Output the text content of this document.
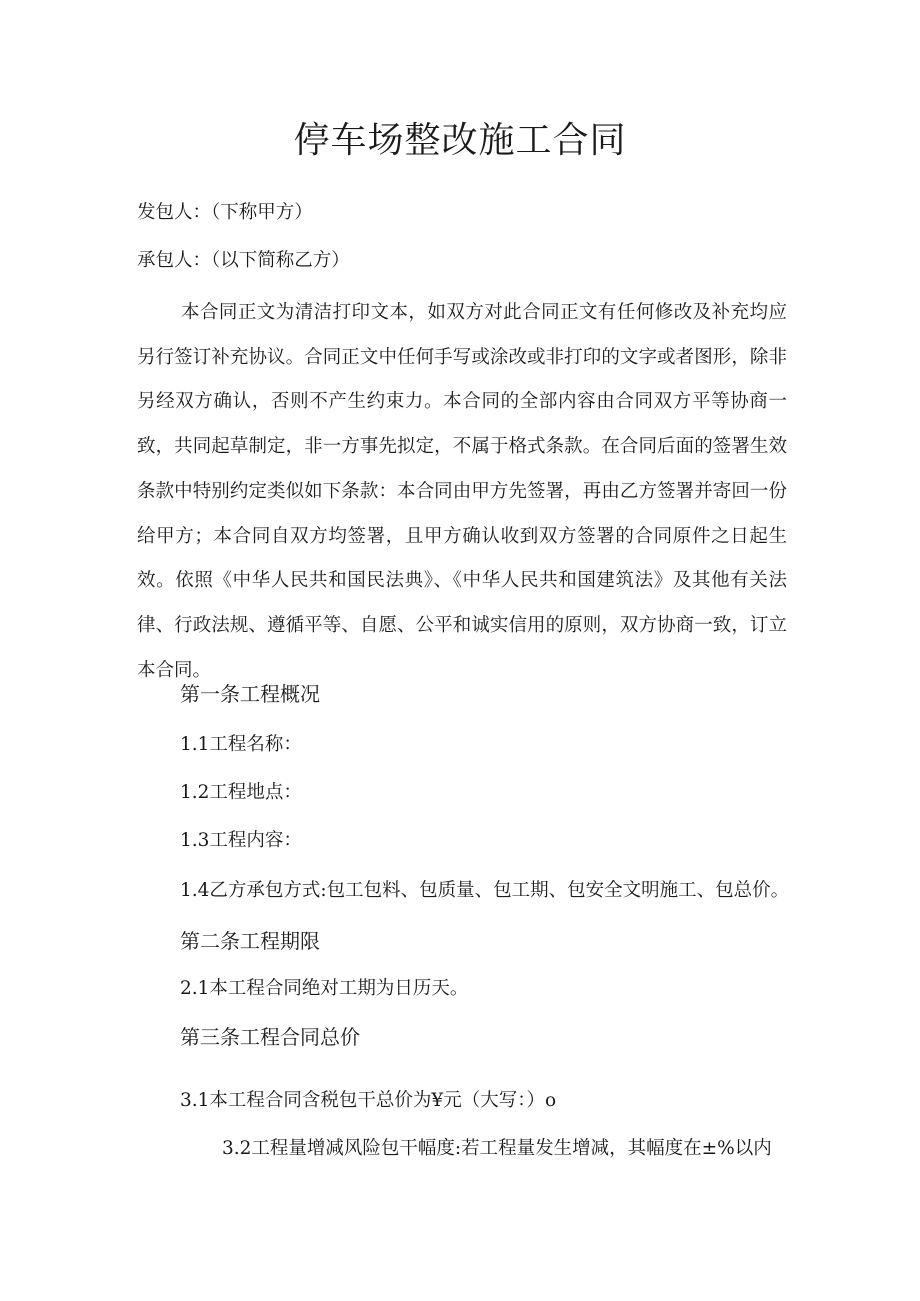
停车场整改施工合同

发包人：（下称甲方）

承包人：（以下简称乙方）

本合同正文为清洁打印文本，如双方对此合同正文有任何修改及补充均应另行签订补充协议。合同正文中任何手写或涂改或非打印的文字或者图形，除非另经双方确认，否则不产生约束力。本合同的全部内容由合同双方平等协商一致，共同起草制定，非一方事先拟定，不属于格式条款。在合同后面的签署生效条款中特别约定类似如下条款：本合同由甲方先签署，再由乙方签署并寄回一份给甲方；本合同自双方均签署，且甲方确认收到双方签署的合同原件之日起生效。依照《中华人民共和国民法典》、《中华人民共和国建筑法》及其他有关法律、行政法规、遵循平等、自愿、公平和诚实信用的原则，双方协商一致，订立本合同。

第一条工程概况

1.1工程名称：

1.2工程地点：

1.3工程内容：

1.4乙方承包方式:包工包料、包质量、包工期、包安全文明施工、包总价。

第二条工程期限

2.1本工程合同绝对工期为日历天。

第三条工程合同总价

3.1本工程合同含税包干总价为¥元（大写：）o

3.2工程量增减风险包干幅度:若工程量发生增减，其幅度在±%以内
